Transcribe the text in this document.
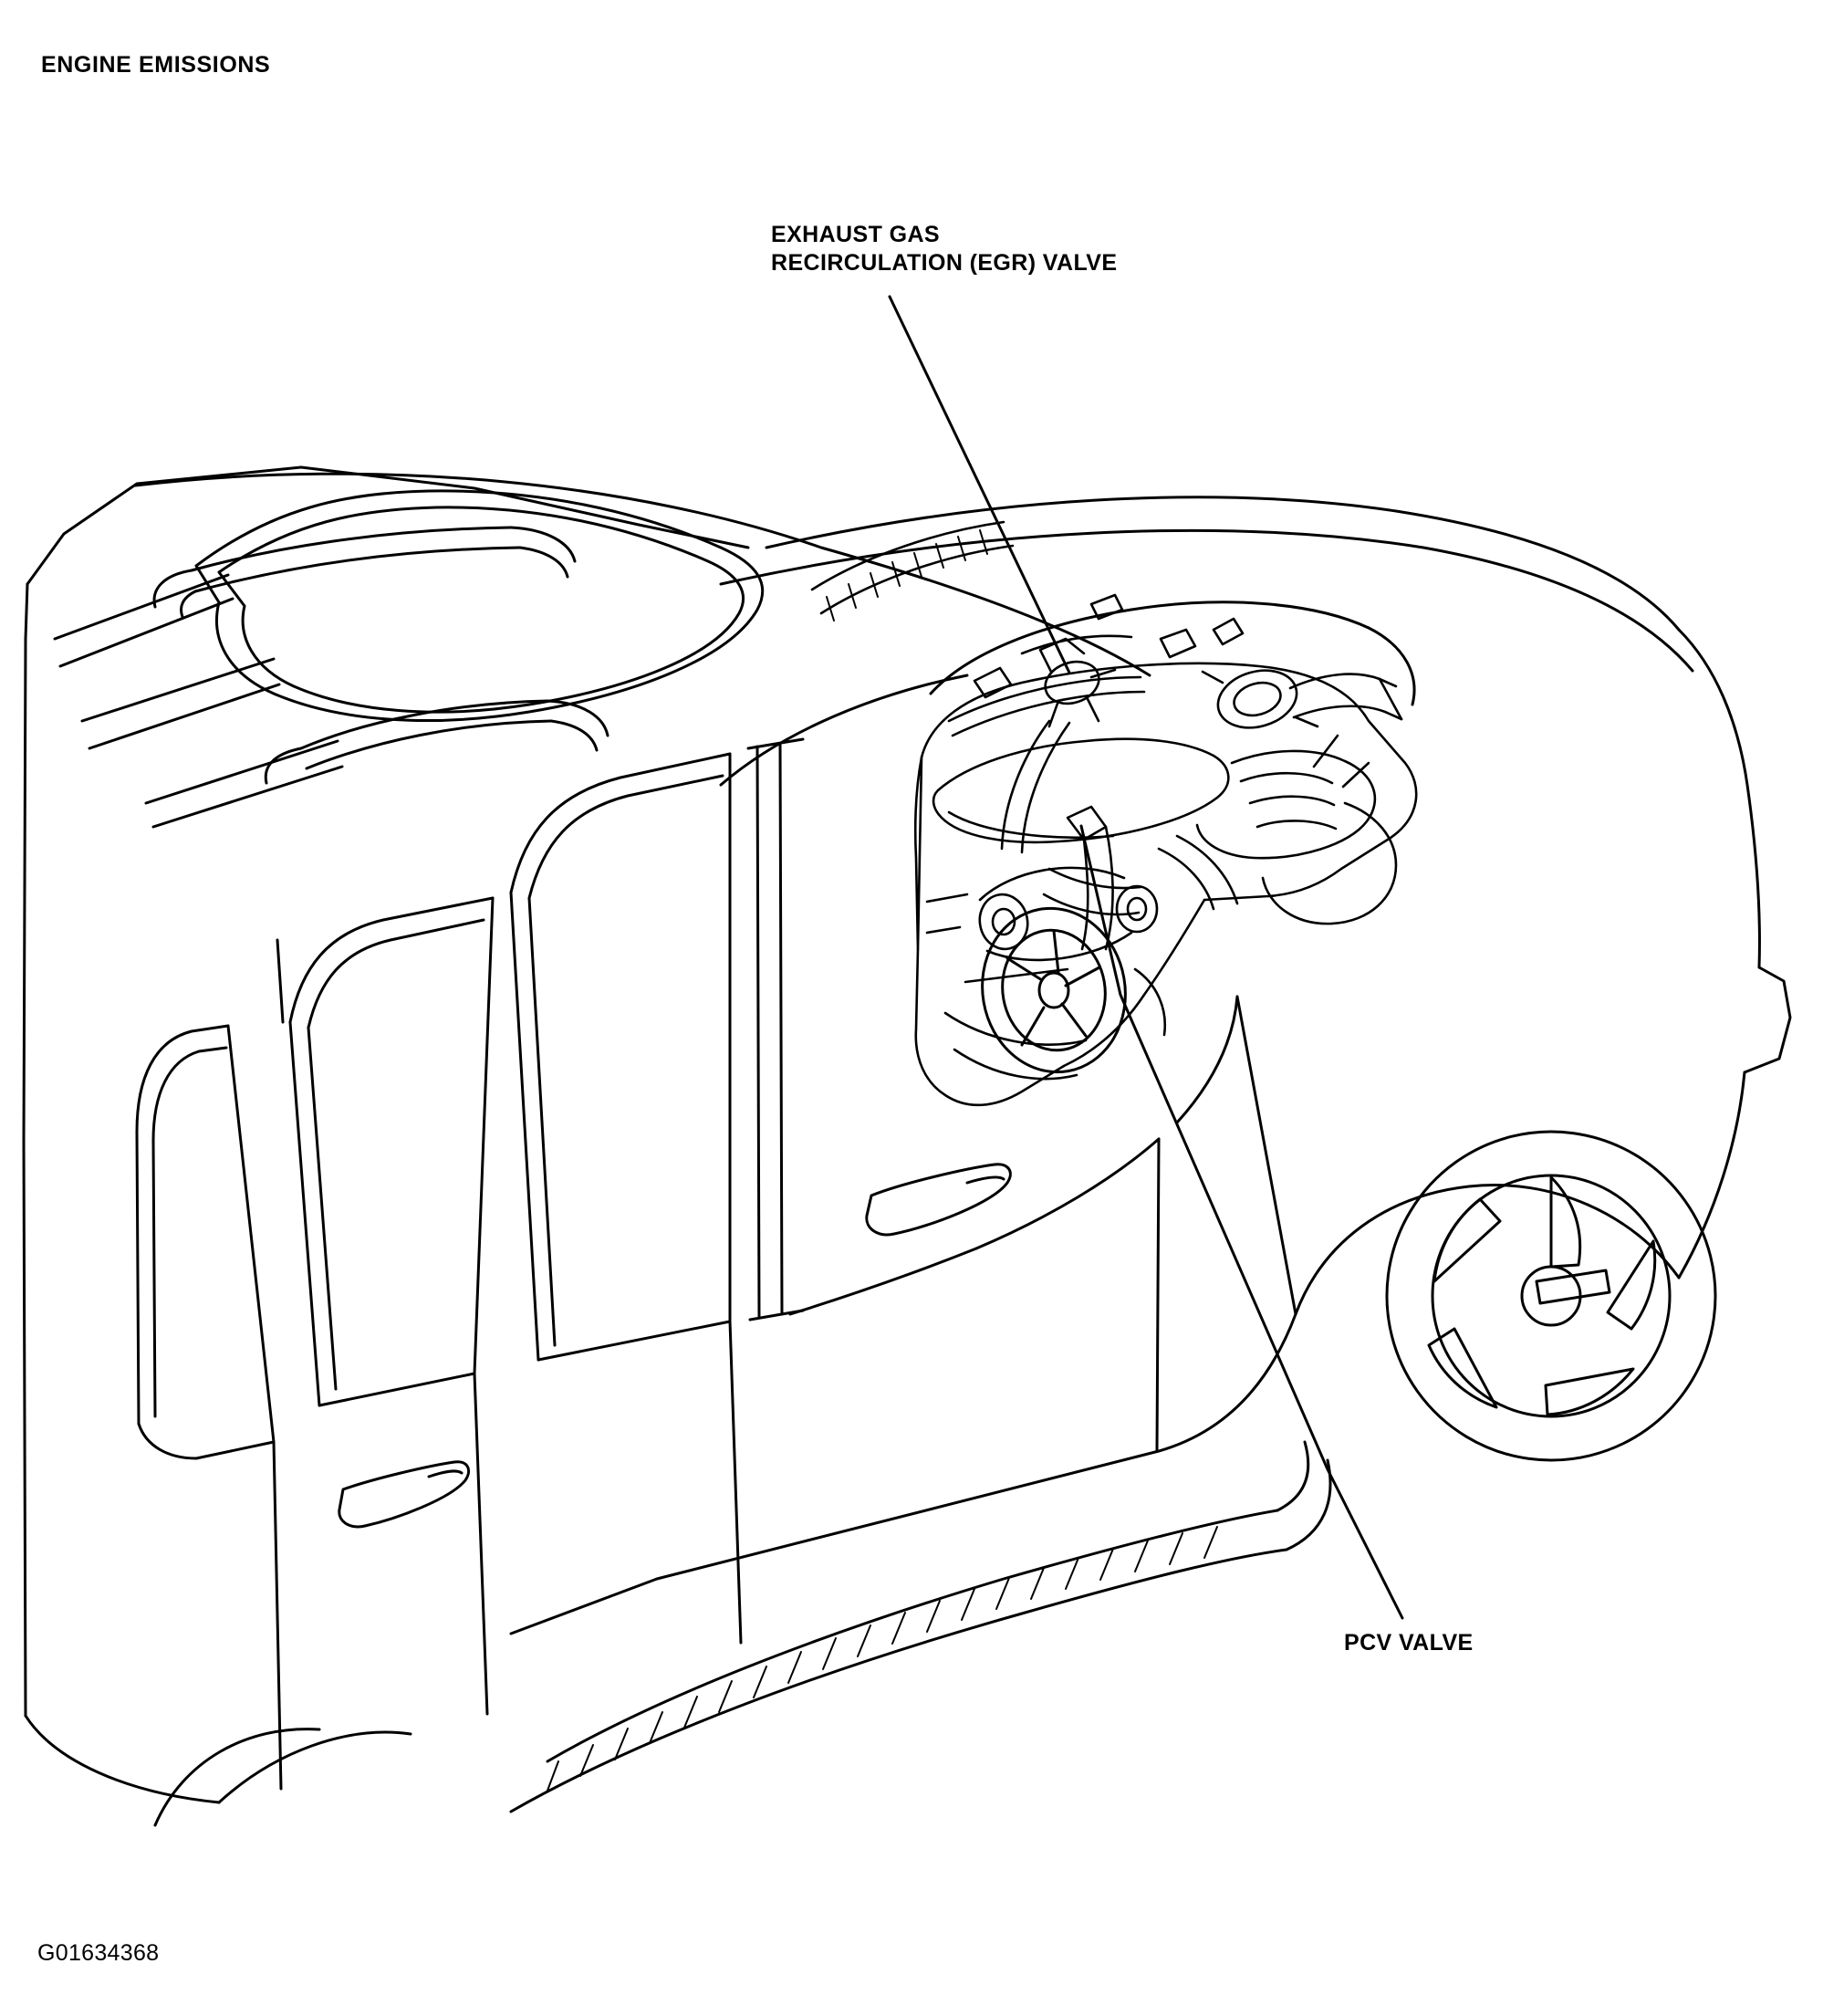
ENGINE EMISSIONS
EXHAUST GAS
RECIRCULATION (EGR) VALVE
PCV VALVE
G01634368
